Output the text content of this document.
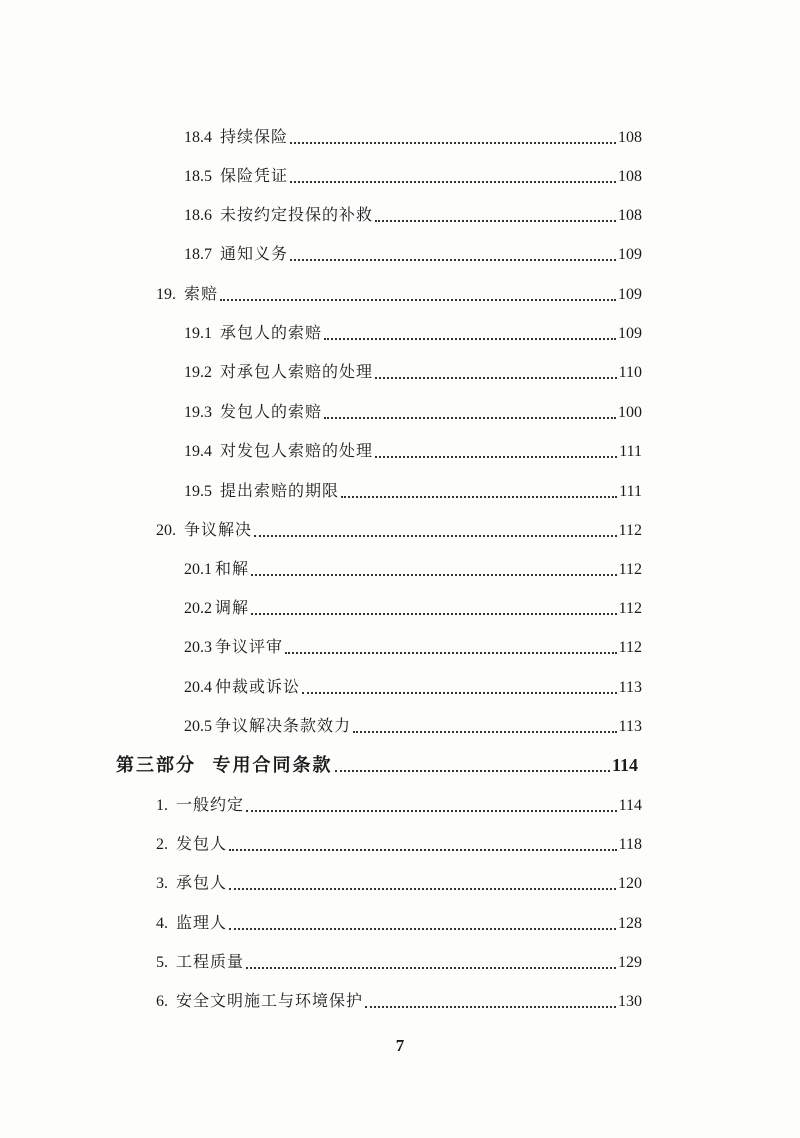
18.4 持续保险	108
18.5 保险凭证	108
18.6 未按约定投保的补救	108
18.7 通知义务	109
19. 索赔	109
19.1 承包人的索赔	109
19.2 对承包人索赔的处理	110
19.3 发包人的索赔	100
19.4 对发包人索赔的处理	111
19.5 提出索赔的期限	111
20. 争议解决	112
20.1 和解	112
20.2 调解	112
20.3 争议评审	112
20.4 仲裁或诉讼	113
20.5 争议解决条款效力	113
第三部分  专用合同条款	114
1. 一般约定	114
2. 发包人	118
3. 承包人	120
4. 监理人	128
5. 工程质量	129
6. 安全文明施工与环境保护	130
7
